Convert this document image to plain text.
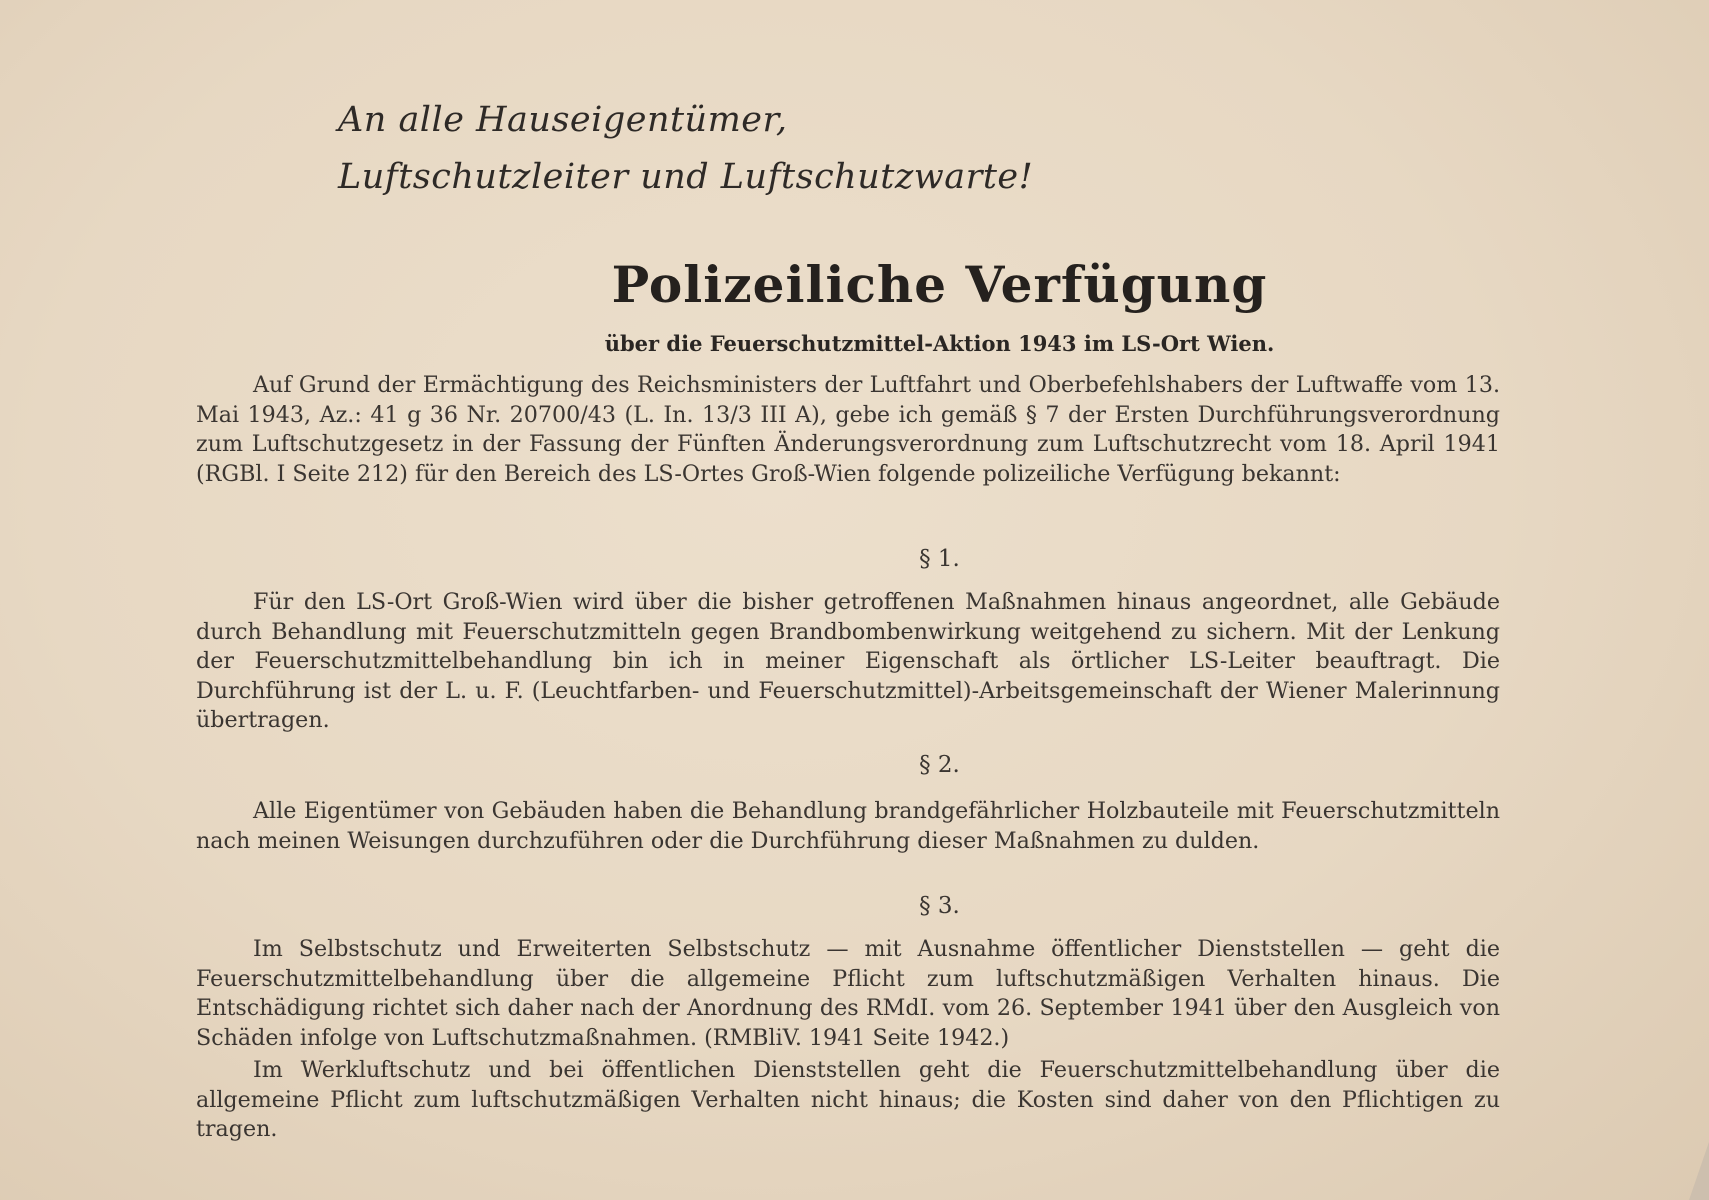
An alle Hauseigentümer,
Luftschutzleiter und Luftschutzwarte!
Polizeiliche Verfügung
über die Feuerschutzmittel-Aktion 1943 im LS-Ort Wien.

Auf Grund der Ermächtigung des Reichsministers der Luftfahrt und Oberbefehlshabers der Luftwaffe vom 13. Mai 1943, Az.: 41 g 36 Nr. 20700/43 (L. In. 13/3 III A), gebe ich gemäß § 7 der Ersten Durchführungsverordnung zum Luftschutzgesetz in der Fassung der Fünften Änderungsverordnung zum Luftschutzrecht vom 18. April 1941 (RGBl. I Seite 212) für den Bereich des LS-Ortes Groß-Wien folgende polizeiliche Verfügung bekannt:

§ 1.

Für den LS-Ort Groß-Wien wird über die bisher getroffenen Maßnahmen hinaus angeordnet, alle Gebäude durch Behandlung mit Feuerschutzmitteln gegen Brandbombenwirkung weitgehend zu sichern. Mit der Lenkung der Feuerschutzmittelbehandlung bin ich in meiner Eigenschaft als örtlicher LS-Leiter beauftragt. Die Durchführung ist der L. u. F. (Leuchtfarben- und Feuerschutzmittel)-Arbeitsgemeinschaft der Wiener Malerinnung übertragen.

§ 2.

Alle Eigentümer von Gebäuden haben die Behandlung brandgefährlicher Holzbauteile mit Feuerschutzmitteln nach meinen Weisungen durchzuführen oder die Durchführung dieser Maßnahmen zu dulden.

§ 3.

Im Selbstschutz und Erweiterten Selbstschutz — mit Ausnahme öffentlicher Dienststellen — geht die Feuerschutzmittelbehandlung über die allgemeine Pflicht zum luftschutzmäßigen Verhalten hinaus. Die Entschädigung richtet sich daher nach der Anordnung des RMdI. vom 26. September 1941 über den Ausgleich von Schäden infolge von Luftschutzmaßnahmen. (RMBliV. 1941 Seite 1942.)

Im Werkluftschutz und bei öffentlichen Dienststellen geht die Feuerschutzmittelbehandlung über die allgemeine Pflicht zum luftschutzmäßigen Verhalten nicht hinaus; die Kosten sind daher von den Pflichtigen zu tragen.
